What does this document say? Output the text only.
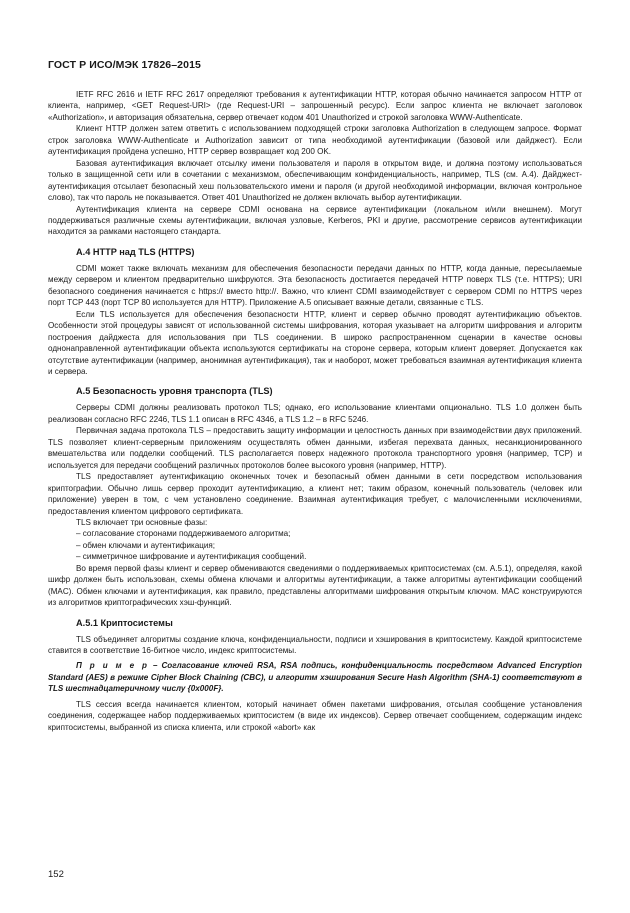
ГОСТ Р ИСО/МЭК 17826–2015

IETF RFC 2616 и IETF RFC 2617 определяют требования к аутентификации HTTP, которая обычно начинается запросом HTTP от клиента, например, <GET Request-URI> (где Request-URI – запрошенный ресурс). Если запрос клиента не включает заголовок «Authorization», и авторизация обязательна, сервер отвечает кодом 401 Unauthorized и строкой заголовка WWW-Authenticate.

Клиент HTTP должен затем ответить с использованием подходящей строки заголовка Authorization в следующем запросе. Формат строк заголовка WWW-Authenticate и Authorization зависит от типа необходимой аутентификации (базовой или дайджест). Если аутентификация пройдена успешно, HTTP сервер возвращает код 200 OK.

Базовая аутентификация включает отсылку имени пользователя и пароля в открытом виде, и должна поэтому использоваться только в защищенной сети или в сочетании с механизмом, обеспечивающим конфиденциальность, например, TLS (см. А.4). Дайджест-аутентификация отсылает безопасный хеш пользовательского имени и пароля (и другой необходимой информации, включая контрольное слово), так что пароль не показывается. Ответ 401 Unauthorized не должен включать выбор аутентификации.

Аутентификация клиента на сервере CDMI основана на сервисе аутентификации (локальном и/или внешнем). Могут поддерживаться различные схемы аутентификации, включая узловые, Kerberos, PKI и другие, рассмотрение сервисов аутентификации находится за рамками настоящего стандарта.

А.4 HTTP над TLS (HTTPS)

CDMI может также включать механизм для обеспечения безопасности передачи данных по HTTP, когда данные, пересылаемые между сервером и клиентом предварительно шифруются. Эта безопасность достигается передачей HTTP поверх TLS (т.е. HTTPS); URI безопасного соединения начинается с https:// вместо http://. Важно, что клиент CDMI взаимодействует с сервером CDMI по HTTPS через порт TCP 443 (порт TCP 80 используется для HTTP). Приложение А.5 описывает важные детали, связанные с TLS.

Если TLS используется для обеспечения безопасности HTTP, клиент и сервер обычно проводят аутентификацию объектов. Особенности этой процедуры зависят от использованной системы шифрования, которая указывает на алгоритм шифрования и алгоритм построения дайджеста для использования при TLS соединении. В широко распространенном сценарии в качестве основы однонаправленной аутентификации объекта используются сертификаты на стороне сервера, которым клиент доверяет. Допускается как отсутствие аутентификации (например, анонимная аутентификация), так и наоборот, может требоваться взаимная аутентификация клиента и сервера.

А.5 Безопасность уровня транспорта (TLS)

Серверы CDMI должны реализовать протокол TLS; однако, его использование клиентами опционально. TLS 1.0 должен быть реализован согласно RFC 2246, TLS 1.1 описан в RFC 4346, а TLS 1.2 – в RFC 5246.

Первичная задача протокола TLS – предоставить защиту информации и целостность данных при взаимодействии двух приложений. TLS позволяет клиент-серверным приложениям осуществлять обмен данными, избегая перехвата данных, несанкционированного вмешательства или подделки сообщений. TLS располагается поверх надежного протокола транспортного уровня (например, TCP) и используется для передачи сообщений различных протоколов более высокого уровня (например, HTTP).

TLS предоставляет аутентификацию оконечных точек и безопасный обмен данными в сети посредством использования криптографии. Обычно лишь сервер проходит аутентификацию, а клиент нет; таким образом, конечный пользователь (человек или приложение) уверен в том, с чем установлено соединение. Взаимная аутентификация требует, с малочисленными исключениями, предоставления клиентом цифрового сертификата.

TLS включает три основные фазы:

– согласование сторонами поддерживаемого алгоритма;
– обмен ключами и аутентификация;
– симметричное шифрование и аутентификация сообщений.

Во время первой фазы клиент и сервер обмениваются сведениями о поддерживаемых криптосистемах (см. А.5.1), определяя, какой шифр должен быть использован, схемы обмена ключами и алгоритмы аутентификации, а также алгоритмы аутентификации сообщений (MAC). Обмен ключами и аутентификация, как правило, представлены алгоритмами шифрования открытым ключом. MAC конструируются из алгоритмов криптографических хэш-функций.

А.5.1 Криптосистемы

TLS объединяет алгоритмы создание ключа, конфиденциальности, подписи и хэширования в криптосистему. Каждой криптосистеме ставится в соответствие 16-битное число, индекс криптосистемы.

П р и м е р – Согласование ключей RSA, RSA подпись, конфиденциальность посредством Advanced Encryption Standard (AES) в режиме Cipher Block Chaining (CBC), и алгоритм хэширования Secure Hash Algorithm (SHA-1) соответствуют в TLS шестнадцатеричному числу {0x000F}.

TLS сессия всегда начинается клиентом, который начинает обмен пакетами шифрования, отсылая сообщение установления соединения, содержащее набор поддерживаемых криптосистем (в виде их индексов). Сервер отвечает сообщением, содержащим индекс криптосистемы, выбранной из списка клиента, или строкой «abort» как

152
